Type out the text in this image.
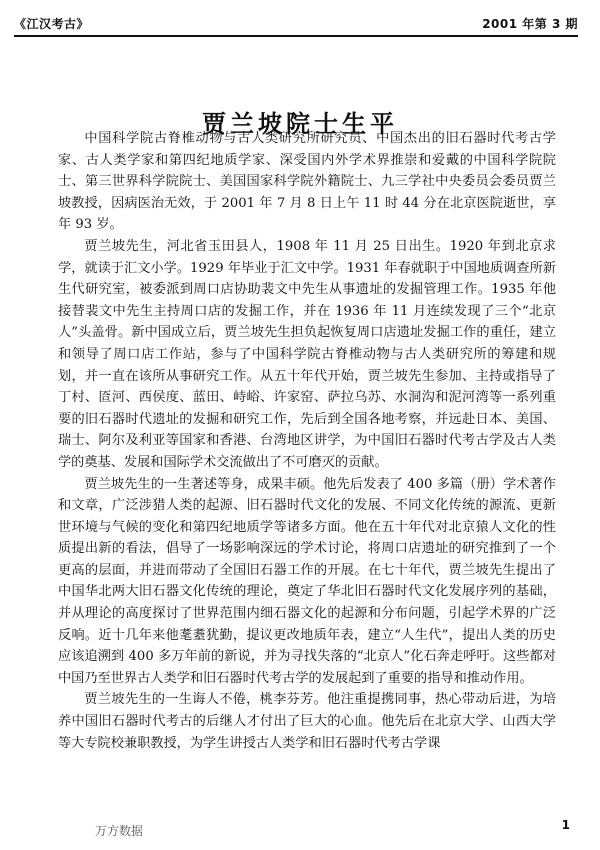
《江汉考古》	2001 年第 3 期
贾兰坡院士生平

中国科学院古脊椎动物与古人类研究所研究员、中国杰出的旧石器时代考古学家、古人类学家和第四纪地质学家、深受国内外学术界推崇和爱戴的中国科学院院士、第三世界科学院院士、美国国家科学院外籍院士、九三学社中央委员会委员贾兰坡教授，因病医治无效，于 2001 年 7 月 8 日上午 11 时 44 分在北京医院逝世，享年 93 岁。

贾兰坡先生，河北省玉田县人，1908 年 11 月 25 日出生。1920 年到北京求学，就读于汇文小学。1929 年毕业于汇文中学。1931 年春就职于中国地质调查所新生代研究室，被委派到周口店协助裴文中先生从事遗址的发掘管理工作。1935 年他接替裴文中先生主持周口店的发掘工作，并在 1936 年 11 月连续发现了三个“北京人”头盖骨。新中国成立后，贾兰坡先生担负起恢复周口店遗址发掘工作的重任，建立和领导了周口店工作站，参与了中国科学院古脊椎动物与古人类研究所的筹建和规划，并一直在该所从事研究工作。从五十年代开始，贾兰坡先生参加、主持或指导了丁村、匼河、西侯度、蓝田、峙峪、许家窑、萨拉乌苏、水洞沟和泥河湾等一系列重要的旧石器时代遗址的发掘和研究工作，先后到全国各地考察，并远赴日本、美国、瑞士、阿尔及利亚等国家和香港、台湾地区讲学，为中国旧石器时代考古学及古人类学的奠基、发展和国际学术交流做出了不可磨灭的贡献。

贾兰坡先生的一生著述等身，成果丰硕。他先后发表了 400 多篇（册）学术著作和文章，广泛涉猎人类的起源、旧石器时代文化的发展、不同文化传统的源流、更新世环境与气候的变化和第四纪地质学等诸多方面。他在五十年代对北京猿人文化的性质提出新的看法，倡导了一场影响深远的学术讨论，将周口店遗址的研究推到了一个更高的层面，并进而带动了全国旧石器工作的开展。在七十年代，贾兰坡先生提出了中国华北两大旧石器文化传统的理论，奠定了华北旧石器时代文化发展序列的基础，并从理论的高度探讨了世界范围内细石器文化的起源和分布问题，引起学术界的广泛反响。近十几年来他耄耋犹勤，提议更改地质年表，建立“人生代”，提出人类的历史应该追溯到 400 多万年前的新说，并为寻找失落的“北京人”化石奔走呼吁。这些都对中国乃至世界古人类学和旧石器时代考古学的发展起到了重要的指导和推动作用。

贾兰坡先生的一生诲人不倦，桃李芬芳。他注重提携同事，热心带动后进，为培养中国旧石器时代考古的后继人才付出了巨大的心血。他先后在北京大学、山西大学等大专院校兼职教授，为学生讲授古人类学和旧石器时代考古学课

万方数据	1
